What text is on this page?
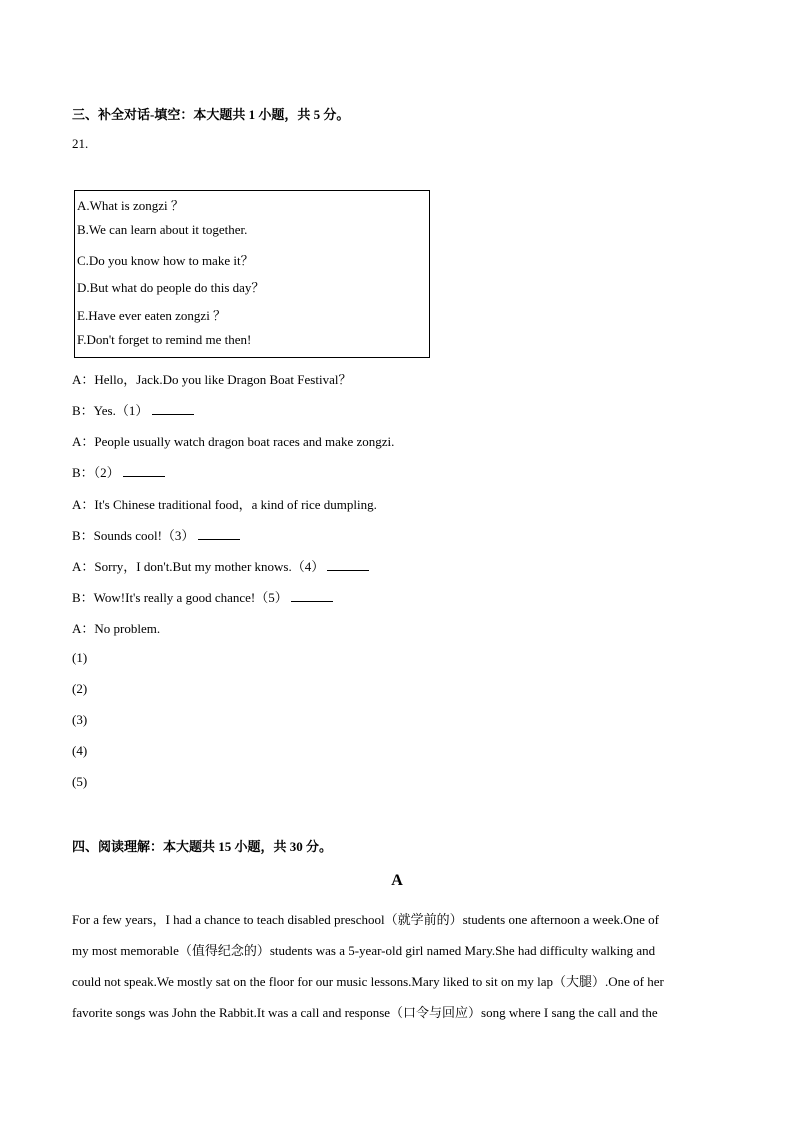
三、补全对话-填空：本大题共 1 小题，共 5 分。
21.
A.What is zongzi ？
B.We can learn about it together.
C.Do you know how to make it？
D.But what do people do this day？
E.Have ever eaten zongzi ？
F.Don't forget to remind me then!
A：Hello，Jack.Do you like Dragon Boat Festival？
B：Yes.（1）
A：People usually watch dragon boat races and make zongzi.
B：（2）
A：It's Chinese traditional food，a kind of rice dumpling.
B：Sounds cool!（3）
A：Sorry，I don't.But my mother knows.（4）
B：Wow!It's really a good chance!（5）
A：No problem.
(1)
(2)
(3)
(4)
(5)
四、阅读理解：本大题共 15 小题，共 30 分。
A
For a few years，I had a chance to teach disabled preschool（就学前的）students one afternoon a week.One of
my most memorable（值得纪念的）students was a 5-year-old girl named Mary.She had difficulty walking and
could not speak.We mostly sat on the floor for our music lessons.Mary liked to sit on my lap（大腿）.One of her
favorite songs was John the Rabbit.It was a call and response（口令与回应）song where I sang the call and the
